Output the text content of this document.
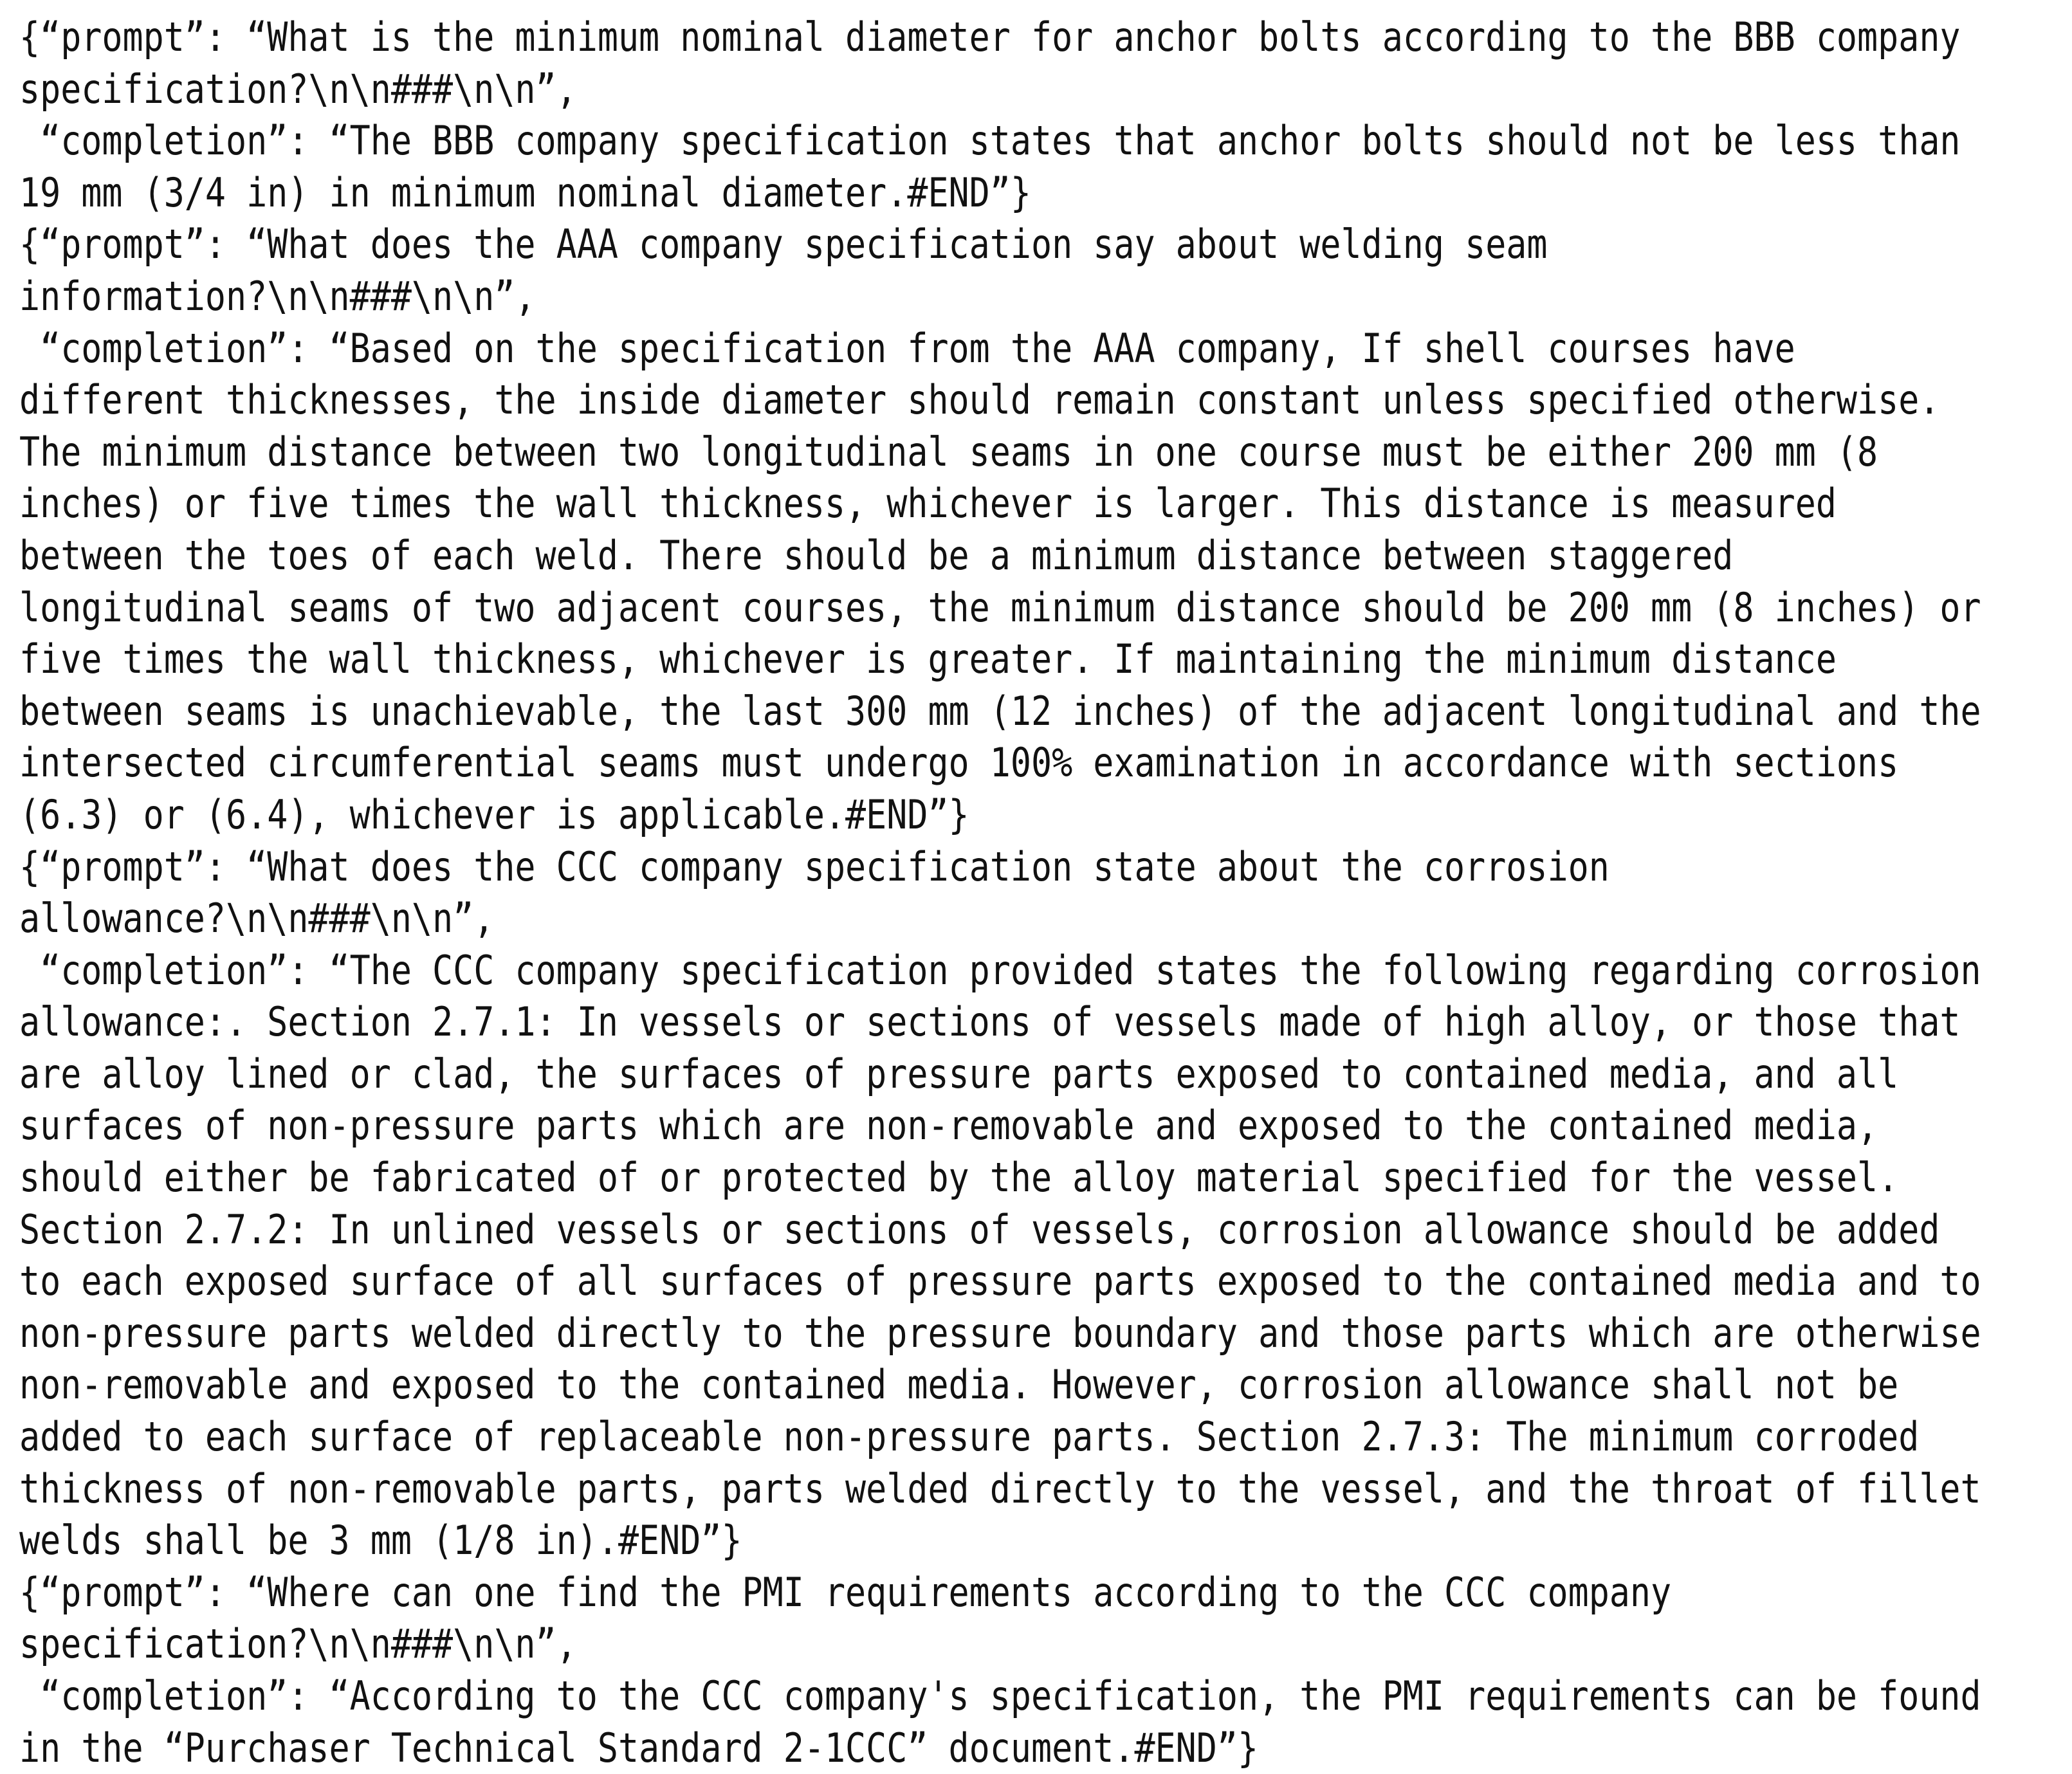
{“prompt”: “What is the minimum nominal diameter for anchor bolts according to the BBB company
specification?\n\n###\n\n”,
“completion”: “The BBB company specification states that anchor bolts should not be less than
19 mm (3/4 in) in minimum nominal diameter.#END”}
{“prompt”: “What does the AAA company specification say about welding seam
information?\n\n###\n\n”,
“completion”: “Based on the specification from the AAA company, If shell courses have
different thicknesses, the inside diameter should remain constant unless specified otherwise.
The minimum distance between two longitudinal seams in one course must be either 200 mm (8
inches) or five times the wall thickness, whichever is larger. This distance is measured
between the toes of each weld. There should be a minimum distance between staggered
longitudinal seams of two adjacent courses, the minimum distance should be 200 mm (8 inches) or
five times the wall thickness, whichever is greater. If maintaining the minimum distance
between seams is unachievable, the last 300 mm (12 inches) of the adjacent longitudinal and the
intersected circumferential seams must undergo 100% examination in accordance with sections
(6.3) or (6.4), whichever is applicable.#END”}
{“prompt”: “What does the CCC company specification state about the corrosion
allowance?\n\n###\n\n”,
“completion”: “The CCC company specification provided states the following regarding corrosion
allowance:. Section 2.7.1: In vessels or sections of vessels made of high alloy, or those that
are alloy lined or clad, the surfaces of pressure parts exposed to contained media, and all
surfaces of non-pressure parts which are non-removable and exposed to the contained media,
should either be fabricated of or protected by the alloy material specified for the vessel.
Section 2.7.2: In unlined vessels or sections of vessels, corrosion allowance should be added
to each exposed surface of all surfaces of pressure parts exposed to the contained media and to
non-pressure parts welded directly to the pressure boundary and those parts which are otherwise
non-removable and exposed to the contained media. However, corrosion allowance shall not be
added to each surface of replaceable non-pressure parts. Section 2.7.3: The minimum corroded
thickness of non-removable parts, parts welded directly to the vessel, and the throat of fillet
welds shall be 3 mm (1/8 in).#END”}
{“prompt”: “Where can one find the PMI requirements according to the CCC company
specification?\n\n###\n\n”,
“completion”: “According to the CCC company's specification, the PMI requirements can be found
in the “Purchaser Technical Standard 2-1CCC” document.#END”}
